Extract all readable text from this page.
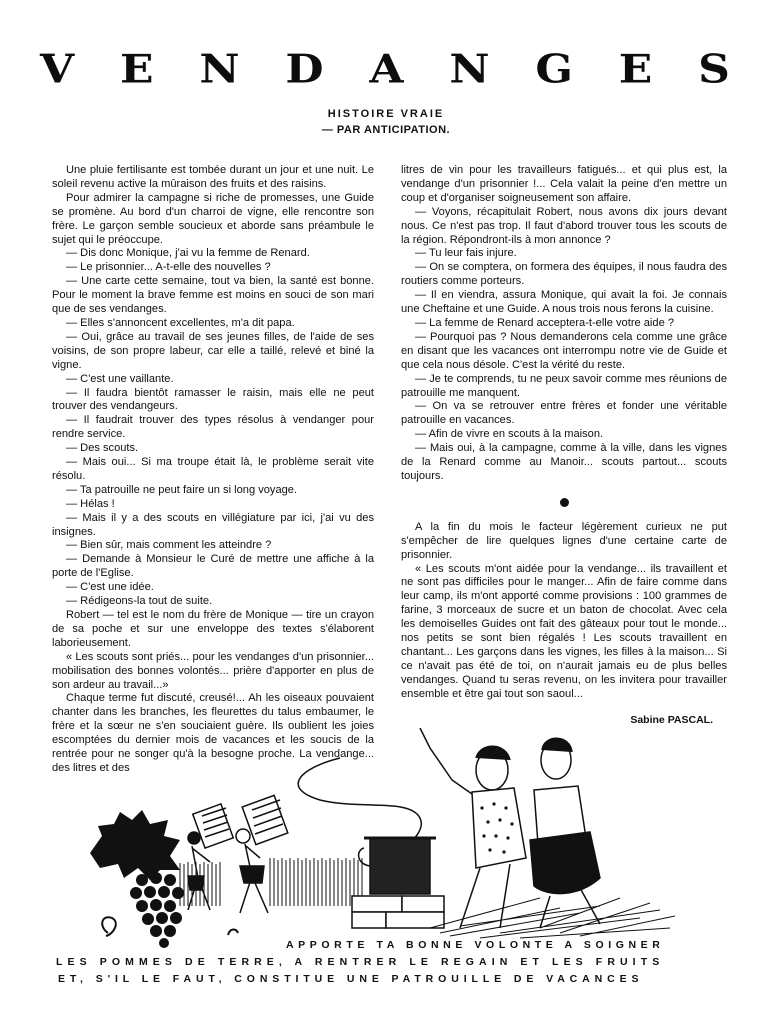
V E N D A N G E S
HISTOIRE VRAIE
— PAR ANTICIPATION.

Une pluie fertilisante est tombée durant un jour et une nuit. Le soleil revenu active la mûraison des fruits et des raisins.

Pour admirer la campagne si riche de promesses, une Guide se promène. Au bord d'un charroi de vigne, elle rencontre son frère. Le garçon semble soucieux et aborde sans préambule le sujet qui le préoccupe.

— Dis donc Monique, j'ai vu la femme de Renard.

— Le prisonnier... A-t-elle des nouvelles ?

— Une carte cette semaine, tout va bien, la santé est bonne. Pour le moment la brave femme est moins en souci de son mari que de ses vendanges.

— Elles s'annoncent excellentes, m'a dit papa.

— Oui, grâce au travail de ses jeunes filles, de l'aide de ses voisins, de son propre labeur, car elle a taillé, relevé et biné la vigne.

— C'est une vaillante.

— Il faudra bientôt ramasser le raisin, mais elle ne peut trouver des vendangeurs.

— Il faudrait trouver des types résolus à vendanger pour rendre service.

— Des scouts.

— Mais oui... Si ma troupe était là, le problème serait vite résolu.

— Ta patrouille ne peut faire un si long voyage.

— Hélas !

— Mais il y a des scouts en villégiature par ici, j'ai vu des insignes.

— Bien sûr, mais comment les atteindre ?

— Demande à Monsieur le Curé de mettre une affiche à la porte de l'Eglise.

— C'est une idée.

— Rédigeons-la tout de suite.

Robert — tel est le nom du frère de Monique — tire un crayon de sa poche et sur une enveloppe des textes s'élaborent laborieusement.

« Les scouts sont priés... pour les vendanges d'un prisonnier... mobilisation des bonnes volontés... prière d'apporter en plus de son ardeur au travail...»

Chaque terme fut discuté, creusé!... Ah les oiseaux pouvaient chanter dans les branches, les fleurettes du talus embaumer, le frère et la sœur ne s'en souciaient guère. Ils oublient les joies escomptées du dernier mois de vacances et les soucis de la rentrée pour ne songer qu'à la besogne proche. La vendange... des litres et des

litres de vin pour les travailleurs fatigués... et qui plus est, la vendange d'un prisonnier !... Cela valait la peine d'en mettre un coup et d'organiser soigneusement son affaire.

— Voyons, récapitulait Robert, nous avons dix jours devant nous. Ce n'est pas trop. Il faut d'abord trouver tous les scouts de la région. Répondront-ils à mon annonce ?

— Tu leur fais injure.

— On se comptera, on formera des équipes, il nous faudra des routiers comme porteurs.

— Il en viendra, assura Monique, qui avait la foi. Je connais une Cheftaine et une Guide. A nous trois nous ferons la cuisine.

— La femme de Renard acceptera-t-elle votre aide ?

— Pourquoi pas ? Nous demanderons cela comme une grâce en disant que les vacances ont interrompu notre vie de Guide et que cela nous désole. C'est la vérité du reste.

— Je te comprends, tu ne peux savoir comme mes réunions de patrouille me manquent.

— On va se retrouver entre frères et fonder une véritable patrouille en vacances.

— Afin de vivre en scouts à la maison.

— Mais oui, à la campagne, comme à la ville, dans les vignes de la Renard comme au Manoir... scouts partout... scouts toujours.

A la fin du mois le facteur légèrement curieux ne put s'empêcher de lire quelques lignes d'une certaine carte de prisonnier.

« Les scouts m'ont aidée pour la vendange... ils travaillent et ne sont pas difficiles pour le manger... Afin de faire comme dans leur camp, ils m'ont apporté comme provisions : 100 grammes de farine, 3 morceaux de sucre et un baton de chocolat. Avec cela les demoiselles Guides ont fait des gâteaux pour tout le monde... nos petits se sont bien régalés ! Les scouts travaillent en chantant... Les garçons dans les vignes, les filles à la maison... Si ce n'avait pas été de toi, on n'aurait jamais eu de plus belles vendanges. Quand tu seras revenu, on les invitera pour travailler ensemble et être gai tout son saoul...

Sabine PASCAL.
APPORTE TA BONNE VOLONTE A SOIGNER
LES POMMES DE TERRE, A RENTRER LE REGAIN ET LES FRUITS
ET, S'IL LE FAUT, CONSTITUE UNE PATROUILLE DE VACANCES
